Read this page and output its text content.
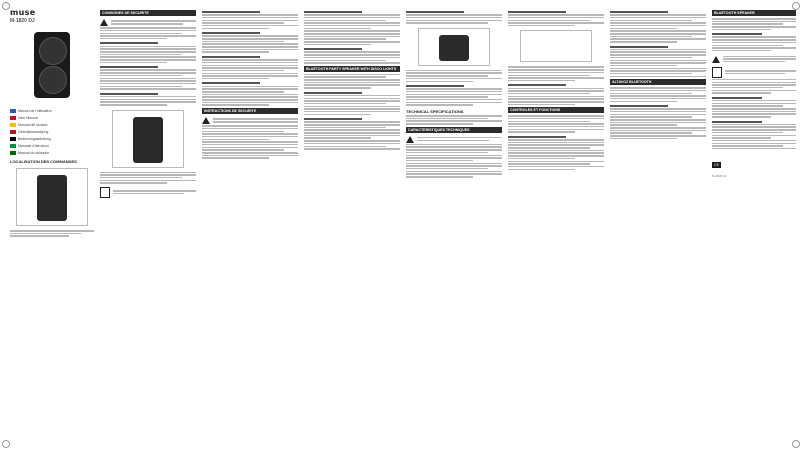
muse
M-1820 DJ
Manuel de l'utilisateur
User Manual
Manual del usuario
Gebruiksaanwijzing
Bedienungsanleitung
Manuale d'istruzioni
Manual do utilizador
LOCALISATION DES COMMANDES
CONSIGNES DE SECURITE
INSTRUCTIONS DE SECURITE
BLUETOOTH PARTY SPEAKER WITH DISCO LIGHTS
TECHNICAL SPECIFICATIONS
CARACTERISTIQUES TECHNIQUES
CONTROLES ET FONCTIONS
ALTAVOZ BLUETOOTH
BLUETOOTH SPEAKER
CE
M-1820 DJ
